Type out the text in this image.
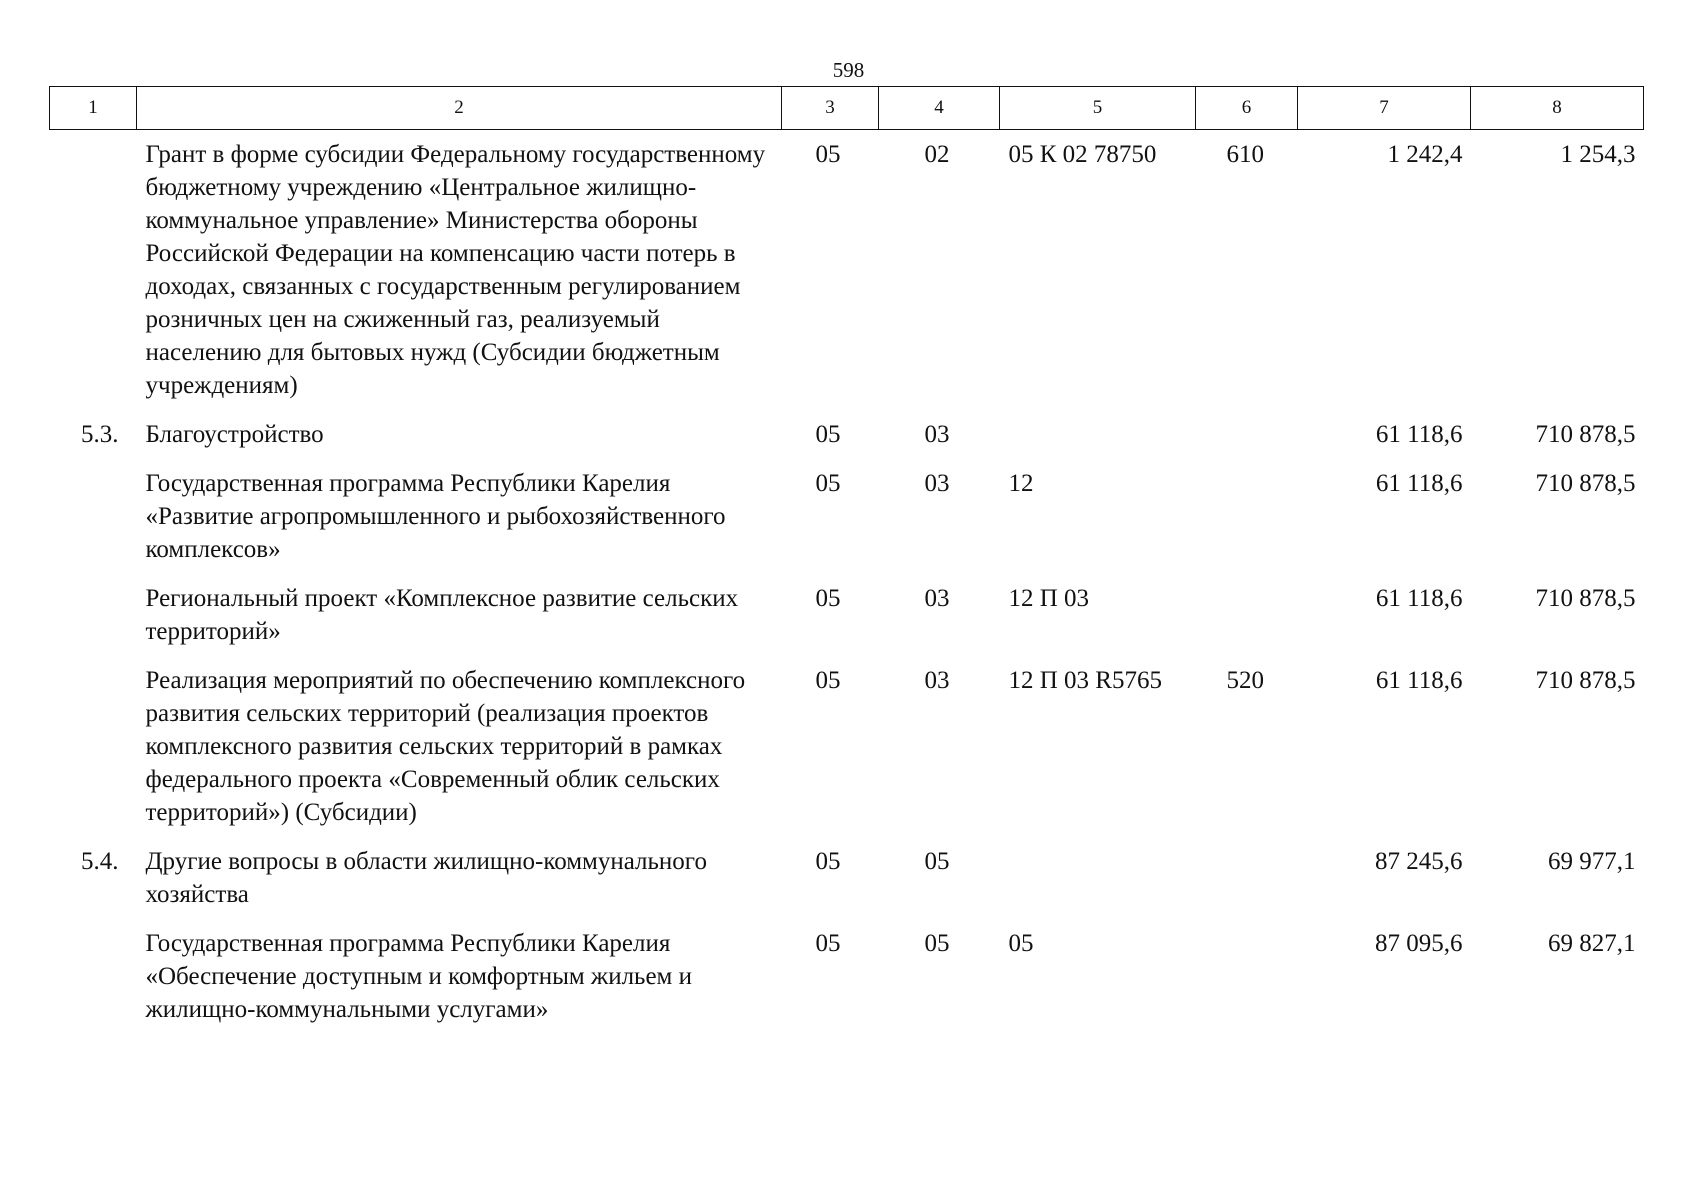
598
1	2	3	4	5	6	7	8
	Грант в форме субсидии Федеральному государственному бюджетному учреждению «Центральное жилищно-коммунальное управление» Министерства обороны Российской Федерации на компенсацию части потерь в доходах, связанных с государственным регулированием розничных цен на сжиженный газ, реализуемый населению для бытовых нужд (Субсидии бюджетным учреждениям)	05	02	05 К 02 78750	610	1 242,4	1 254,3
5.3.	Благоустройство	05	03			61 118,6	710 878,5
	Государственная программа Республики Карелия «Развитие агропромышленного и рыбохозяйственного комплексов»	05	03	12		61 118,6	710 878,5
	Региональный проект «Комплексное развитие сельских территорий»	05	03	12 П 03		61 118,6	710 878,5
	Реализация мероприятий по обеспечению комплексного развития сельских территорий (реализация проектов комплексного развития сельских территорий в рамках федерального проекта «Современный облик сельских территорий») (Субсидии)	05	03	12 П 03 R5765	520	61 118,6	710 878,5
5.4.	Другие вопросы в области жилищно-коммунального хозяйства	05	05			87 245,6	69 977,1
	Государственная программа Республики Карелия «Обеспечение доступным и комфортным жильем и жилищно-коммунальными услугами»	05	05	05		87 095,6	69 827,1
